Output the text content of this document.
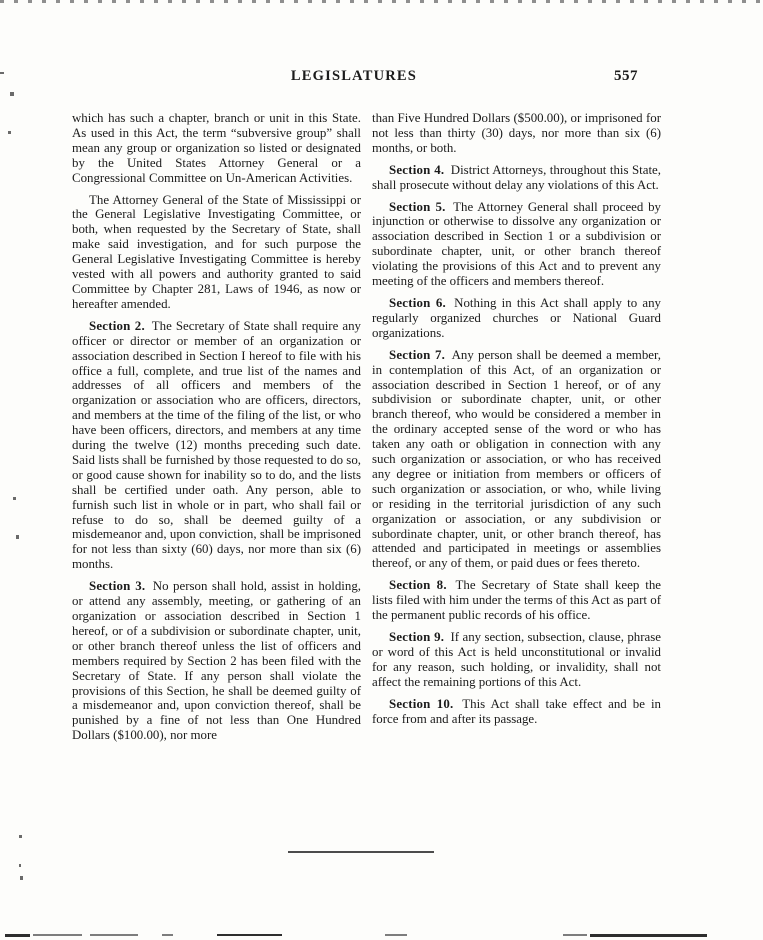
LEGISLATURES	557

which has such a chapter, branch or unit in this State. As used in this Act, the term “subversive group” shall mean any group or organization so listed or designated by the United States Attorney General or a Congressional Committee on Un-American Activities.

The Attorney General of the State of Mississippi or the General Legislative Investigating Committee, or both, when requested by the Secretary of State, shall make said investigation, and for such purpose the General Legislative Investigating Committee is hereby vested with all powers and authority granted to said Committee by Chapter 281, Laws of 1946, as now or hereafter amended.

Section 2. The Secretary of State shall require any officer or director or member of an organization or association described in Section I hereof to file with his office a full, complete, and true list of the names and addresses of all officers and members of the organization or association who are officers, directors, and members at the time of the filing of the list, or who have been officers, directors, and members at any time during the twelve (12) months preceding such date. Said lists shall be furnished by those requested to do so, or good cause shown for inability so to do, and the lists shall be certified under oath. Any person, able to furnish such list in whole or in part, who shall fail or refuse to do so, shall be deemed guilty of a misdemeanor and, upon conviction, shall be imprisoned for not less than sixty (60) days, nor more than six (6) months.

Section 3. No person shall hold, assist in holding, or attend any assembly, meeting, or gathering of an organization or association described in Section 1 hereof, or of a subdivision or subordinate chapter, unit, or other branch thereof unless the list of officers and members required by Section 2 has been filed with the Secretary of State. If any person shall violate the provisions of this Section, he shall be deemed guilty of a misdemeanor and, upon conviction thereof, shall be punished by a fine of not less than One Hundred Dollars ($100.00), nor more

than Five Hundred Dollars ($500.00), or imprisoned for not less than thirty (30) days, nor more than six (6) months, or both.

Section 4. District Attorneys, throughout this State, shall prosecute without delay any violations of this Act.

Section 5. The Attorney General shall proceed by injunction or otherwise to dissolve any organization or association described in Section 1 or a subdivision or subordinate chapter, unit, or other branch thereof violating the provisions of this Act and to prevent any meeting of the officers and members thereof.

Section 6. Nothing in this Act shall apply to any regularly organized churches or National Guard organizations.

Section 7. Any person shall be deemed a member, in contemplation of this Act, of an organization or association described in Section 1 hereof, or of any subdivision or subordinate chapter, unit, or other branch thereof, who would be considered a member in the ordinary accepted sense of the word or who has taken any oath or obligation in connection with any such organization or association, or who has received any degree or initiation from members or officers of such organization or association, or who, while living or residing in the territorial jurisdiction of any such organization or association, or any subdivision or subordinate chapter, unit, or other branch thereof, has attended and participated in meetings or assemblies thereof, or any of them, or paid dues or fees thereto.

Section 8. The Secretary of State shall keep the lists filed with him under the terms of this Act as part of the permanent public records of his office.

Section 9. If any section, subsection, clause, phrase or word of this Act is held unconstitutional or invalid for any reason, such holding, or invalidity, shall not affect the remaining portions of this Act.

Section 10. This Act shall take effect and be in force from and after its passage.
